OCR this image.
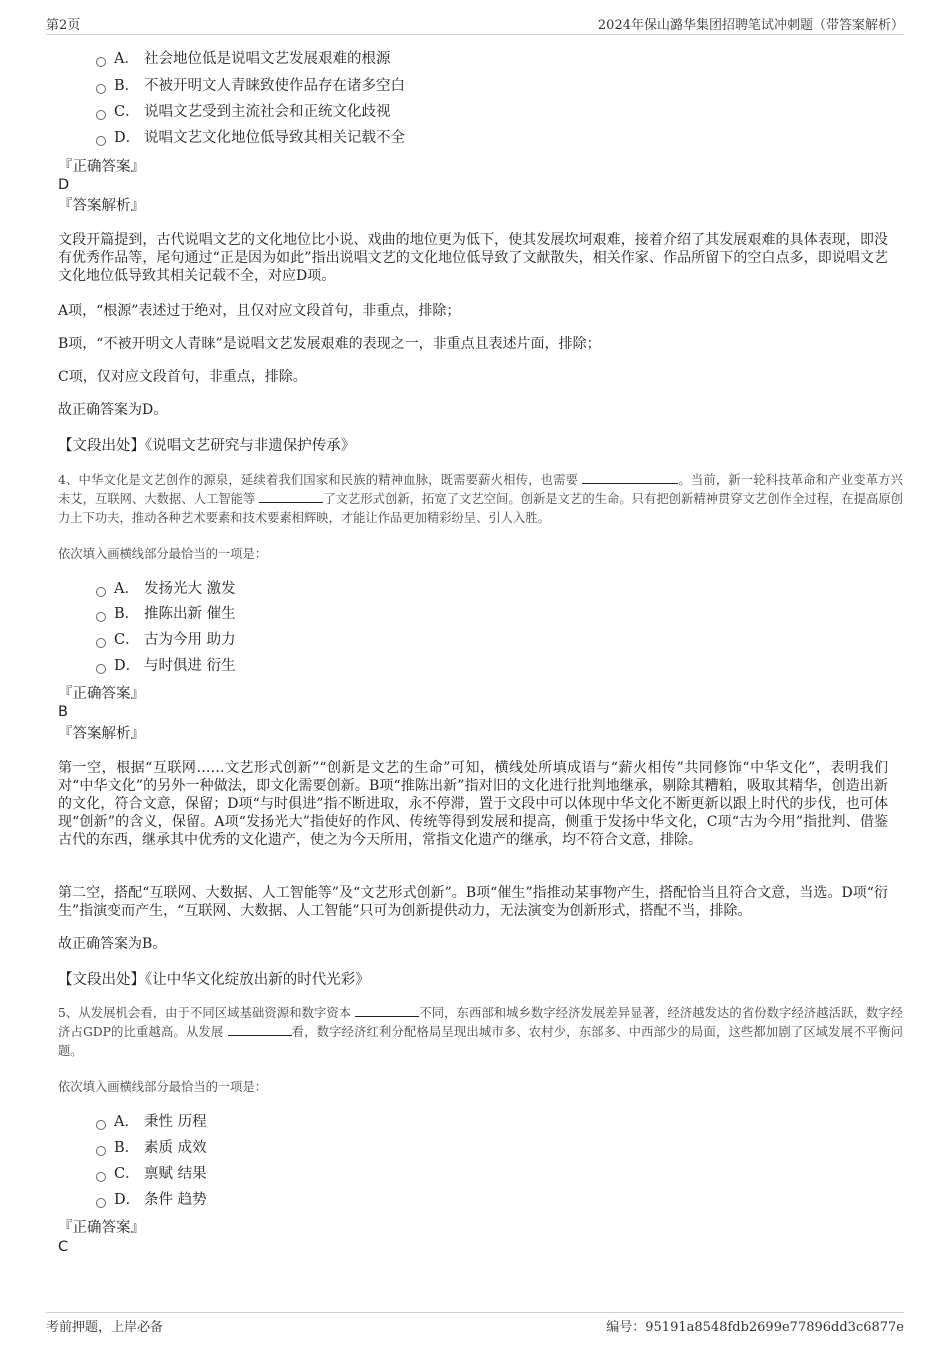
第2页	2024年保山潞华集团招聘笔试冲刺题（带答案解析）
A． 社会地位低是说唱文艺发展艰难的根源
B． 不被开明文人青睐致使作品存在诸多空白
C． 说唱文艺受到主流社会和正统文化歧视
D． 说唱文艺文化地位低导致其相关记载不全
『正确答案』
D
『答案解析』
文段开篇提到，古代说唱文艺的文化地位比小说、戏曲的地位更为低下，使其发展坎坷艰难，接着介绍了其发展艰难的具体表现，即没有优秀作品等，尾句通过“正是因为如此”指出说唱文艺的文化地位低导致了文献散失，相关作家、作品所留下的空白点多，即说唱文艺文化地位低导致其相关记载不全，对应D项。
A项，“根源”表述过于绝对，且仅对应文段首句，非重点，排除；
B项，“不被开明文人青睐”是说唱文艺发展艰难的表现之一，非重点且表述片面，排除；
C项，仅对应文段首句，非重点，排除。
故正确答案为D。
【文段出处】《说唱文艺研究与非遗保护传承》
4、中华文化是文艺创作的源泉，延续着我们国家和民族的精神血脉，既需要薪火相传，也需要	。当前，新一轮科技革命和产业变革方兴未艾，互联网、大数据、人工智能等	了文艺形式创新，拓宽了文艺空间。创新是文艺的生命。只有把创新精神贯穿文艺创作全过程，在提高原创力上下功夫，推动各种艺术要素和技术要素相辉映，才能让作品更加精彩纷呈、引人入胜。
依次填入画横线部分最恰当的一项是：
A． 发扬光大 激发
B． 推陈出新 催生
C． 古为今用 助力
D． 与时俱进 衍生
『正确答案』
B
『答案解析』
第一空，根据“互联网……文艺形式创新”“创新是文艺的生命”可知，横线处所填成语与“薪火相传”共同修饰“中华文化”，表明我们对“中华文化”的另外一种做法，即文化需要创新。B项“推陈出新”指对旧的文化进行批判地继承，剔除其糟粕，吸取其精华，创造出新的文化，符合文意，保留；D项“与时俱进”指不断进取，永不停滞，置于文段中可以体现中华文化不断更新以跟上时代的步伐，也可体现“创新”的含义，保留。A项“发扬光大”指使好的作风、传统等得到发展和提高，侧重于发扬中华文化，C项“古为今用”指批判、借鉴古代的东西，继承其中优秀的文化遗产，使之为今天所用，常指文化遗产的继承，均不符合文意，排除。
第二空，搭配“互联网、大数据、人工智能等”及“文艺形式创新”。B项“催生”指推动某事物产生，搭配恰当且符合文意，当选。D项“衍生”指演变而产生，“互联网、大数据、人工智能”只可为创新提供动力，无法演变为创新形式，搭配不当，排除。
故正确答案为B。
【文段出处】《让中华文化绽放出新的时代光彩》
5、从发展机会看，由于不同区域基础资源和数字资本	不同，东西部和城乡数字经济发展差异显著，经济越发达的省份数字经济越活跃，数字经济占GDP的比重越高。从发展	看，数字经济红利分配格局呈现出城市多、农村少，东部多、中西部少的局面，这些都加剧了区域发展不平衡问题。
依次填入画横线部分最恰当的一项是：
A． 秉性 历程
B． 素质 成效
C． 禀赋 结果
D． 条件 趋势
『正确答案』
C
考前押题，上岸必备	编号：95191a8548fdb2699e77896dd3c6877e
